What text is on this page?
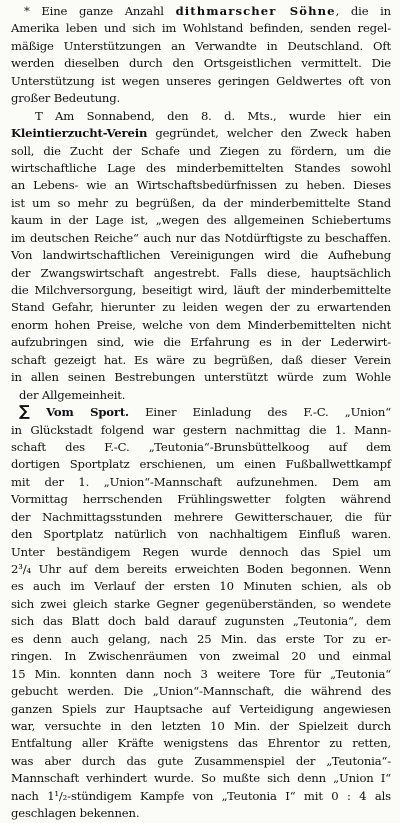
* Eine ganze Anzahl dithmarscher Söhne, die in
Amerika leben und sich im Wohlstand befinden, senden regel-
mäßige Unterstützungen an Verwandte in Deutschland. Oft
werden dieselben durch den Ortsgeistlichen vermittelt. Die
Unterstützung ist wegen unseres geringen Geldwertes oft von
großer Bedeutung.
T Am Sonnabend, den 8. d. Mts., wurde hier ein
Kleintierzucht-Verein gegründet, welcher den Zweck haben
soll, die Zucht der Schafe und Ziegen zu fördern, um die
wirtschaftliche Lage des minderbemittelten Standes sowohl
an Lebens- wie an Wirtschaftsbedürfnissen zu heben. Dieses
ist um so mehr zu begrüßen, da der minderbemittelte Stand
kaum in der Lage ist, „wegen des allgemeinen Schiebertums
im deutschen Reiche“ auch nur das Notdürftigste zu beschaffen.
Von landwirtschaftlichen Vereinigungen wird die Aufhebung
der Zwangswirtschaft angestrebt. Falls diese, hauptsächlich
die Milchversorgung, beseitigt wird, läuft der minderbemittelte
Stand Gefahr, hierunter zu leiden wegen der zu erwartenden
enorm hohen Preise, welche von dem Minderbemittelten nicht
aufzubringen sind, wie die Erfahrung es in der Lederwirt-
schaft gezeigt hat. Es wäre zu begrüßen, daß dieser Verein
in allen seinen Bestrebungen unterstützt würde zum Wohle
der Allgemeinheit.
∑ Vom Sport. Einer Einladung des F.-C. „Union“
in Glückstadt folgend war gestern nachmittag die 1. Mann-
schaft des F.-C. „Teutonia“-Brunsbüttelkoog auf dem
dortigen Sportplatz erschienen, um einen Fußballwettkampf
mit der 1. „Union“-Mannschaft aufzunehmen. Dem am
Vormittag herrschenden Frühlingswetter folgten während
der Nachmittagsstunden mehrere Gewitterschauer, die für
den Sportplatz natürlich von nachhaltigem Einfluß waren.
Unter beständigem Regen wurde dennoch das Spiel um
2³/₄ Uhr auf dem bereits erweichten Boden begonnen. Wenn
es auch im Verlauf der ersten 10 Minuten schien, als ob
sich zwei gleich starke Gegner gegenüberständen, so wendete
sich das Blatt doch bald darauf zugunsten „Teutonia“, dem
es denn auch gelang, nach 25 Min. das erste Tor zu er-
ringen. In Zwischenräumen von zweimal 20 und einmal
15 Min. konnten dann noch 3 weitere Tore für „Teutonia“
gebucht werden. Die „Union“-Mannschaft, die während des
ganzen Spiels zur Hauptsache auf Verteidigung angewiesen
war, versuchte in den letzten 10 Min. der Spielzeit durch
Entfaltung aller Kräfte wenigstens das Ehrentor zu retten,
was aber durch das gute Zusammenspiel der „Teutonia“-
Mannschaft verhindert wurde. So mußte sich denn „Union I“
nach 1¹/₂-stündigem Kampfe von „Teutonia I“ mit 0 : 4 als
geschlagen bekennen.
